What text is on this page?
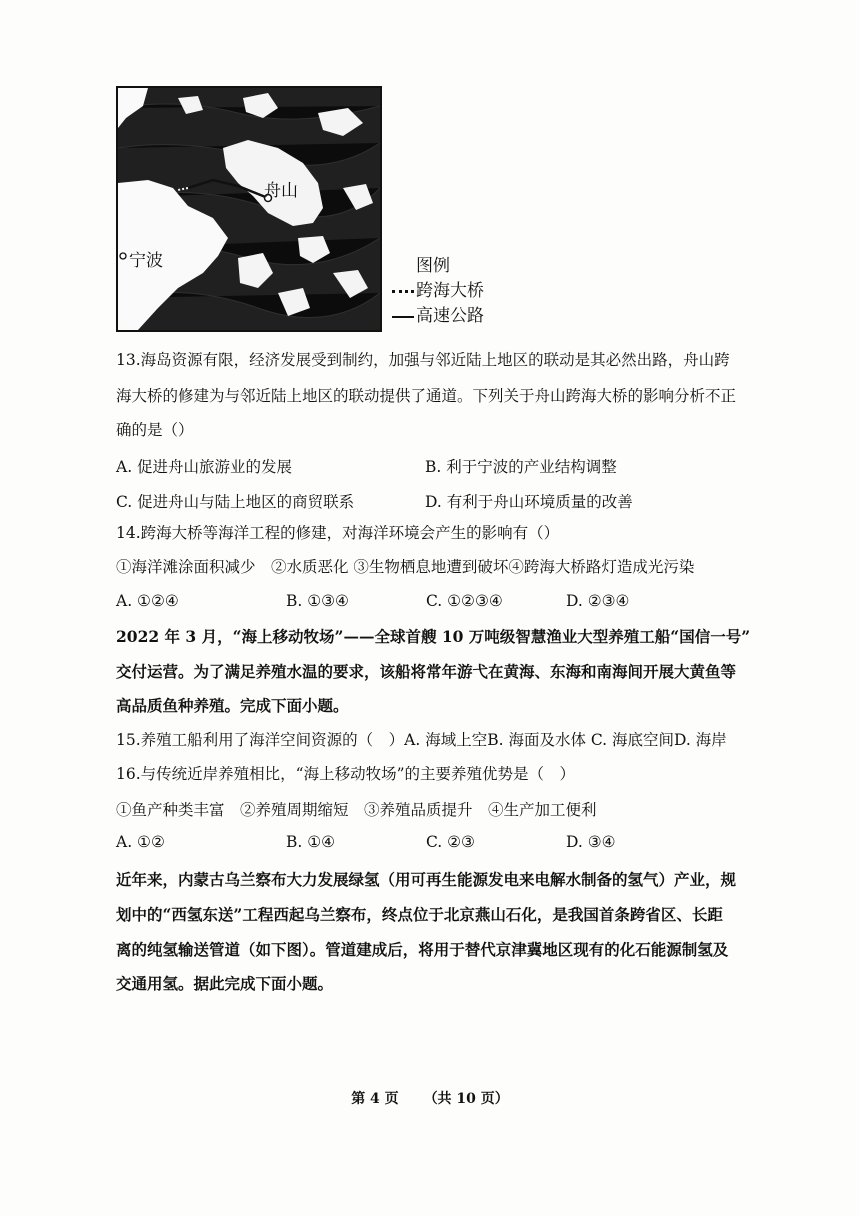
舟山
宁波	图例
跨海大桥
高速公路
13.海岛资源有限，经济发展受到制约，加强与邻近陆上地区的联动是其必然出路，舟山跨
海大桥的修建为与邻近陆上地区的联动提供了通道。下列关于舟山跨海大桥的影响分析不正
确的是（）
A. 促进舟山旅游业的发展	B. 利于宁波的产业结构调整
C. 促进舟山与陆上地区的商贸联系	D. 有利于舟山环境质量的改善
14.跨海大桥等海洋工程的修建，对海洋环境会产生的影响有（）
①海洋滩涂面积减少　②水质恶化 ③生物栖息地遭到破坏④跨海大桥路灯造成光污染
A. ①②④	B. ①③④	C. ①②③④	D. ②③④
2022 年 3 月，“海上移动牧场”——全球首艘 10 万吨级智慧渔业大型养殖工船“国信一号”
交付运营。为了满足养殖水温的要求，该船将常年游弋在黄海、东海和南海间开展大黄鱼等
高品质鱼种养殖。完成下面小题。
15.养殖工船利用了海洋空间资源的（　）A. 海域上空B. 海面及水体 C. 海底空间D. 海岸
16.与传统近岸养殖相比，“海上移动牧场”的主要养殖优势是（　）
①鱼产种类丰富　②养殖周期缩短　③养殖品质提升　④生产加工便利
A. ①②	B. ①④	C. ②③	D. ③④
近年来，内蒙古乌兰察布大力发展绿氢（用可再生能源发电来电解水制备的氢气）产业，规
划中的“西氢东送”工程西起乌兰察布，终点位于北京燕山石化，是我国首条跨省区、长距
离的纯氢输送管道（如下图）。管道建成后，将用于替代京津冀地区现有的化石能源制氢及
交通用氢。据此完成下面小题。
第 4 页 （共 10 页）
